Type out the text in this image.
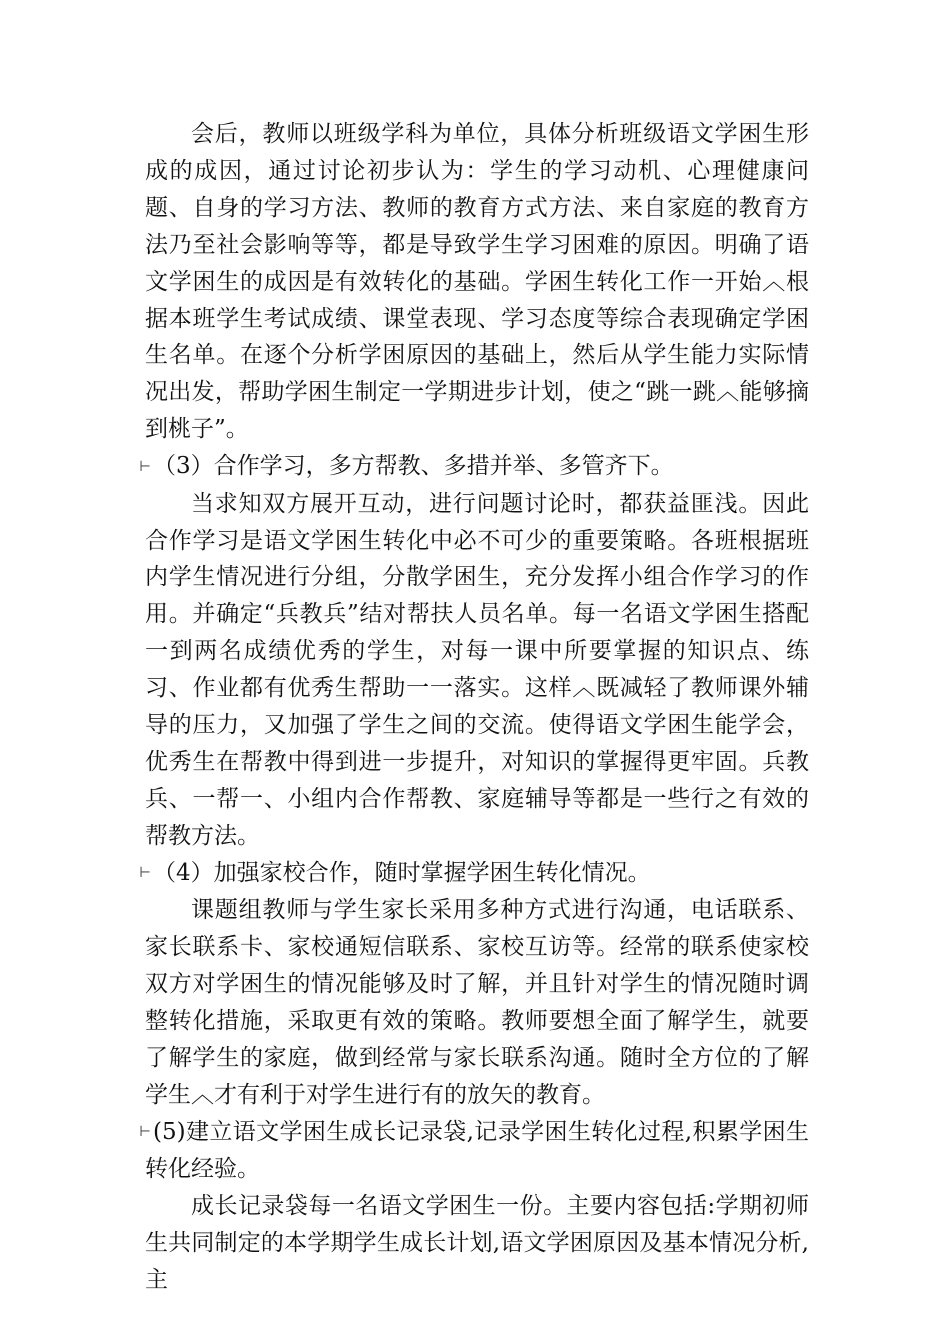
会后，教师以班级学科为单位，具体分析班级语文学困生形成的成因，通过讨论初步认为：学生的学习动机、心理健康问题、自身的学习方法、教师的教育方式方法、来自家庭的教育方法乃至社会影响等等，都是导致学生学习困难的原因。明确了语文学困生的成因是有效转化的基础。学困生转化工作一开始︿根据本班学生考试成绩、课堂表现、学习态度等综合表现确定学困生名单。在逐个分析学困原因的基础上，然后从学生能力实际情况出发，帮助学困生制定一学期进步计划，使之“跳一跳︿能够摘到桃子”。

⊢（3）合作学习，多方帮教、多措并举、多管齐下。

当求知双方展开互动，进行问题讨论时，都获益匪浅。因此合作学习是语文学困生转化中必不可少的重要策略。各班根据班内学生情况进行分组，分散学困生，充分发挥小组合作学习的作用。并确定“兵教兵”结对帮扶人员名单。每一名语文学困生搭配一到两名成绩优秀的学生，对每一课中所要掌握的知识点、练习、作业都有优秀生帮助一一落实。这样︿既减轻了教师课外辅导的压力，又加强了学生之间的交流。使得语文学困生能学会，优秀生在帮教中得到进一步提升，对知识的掌握得更牢固。兵教兵、一帮一、小组内合作帮教、家庭辅导等都是一些行之有效的帮教方法。

⊢（4）加强家校合作，随时掌握学困生转化情况。

课题组教师与学生家长采用多种方式进行沟通，电话联系、家长联系卡、家校通短信联系、家校互访等。经常的联系使家校双方对学困生的情况能够及时了解，并且针对学生的情况随时调整转化措施，采取更有效的策略。教师要想全面了解学生，就要了解学生的家庭，做到经常与家长联系沟通。随时全方位的了解学生︿才有利于对学生进行有的放矢的教育。

⊢(5)建立语文学困生成长记录袋,记录学困生转化过程,积累学困生转化经验。

成长记录袋每一名语文学困生一份。主要内容包括:学期初师生共同制定的本学期学生成长计划,语文学困原因及基本情况分析,主
